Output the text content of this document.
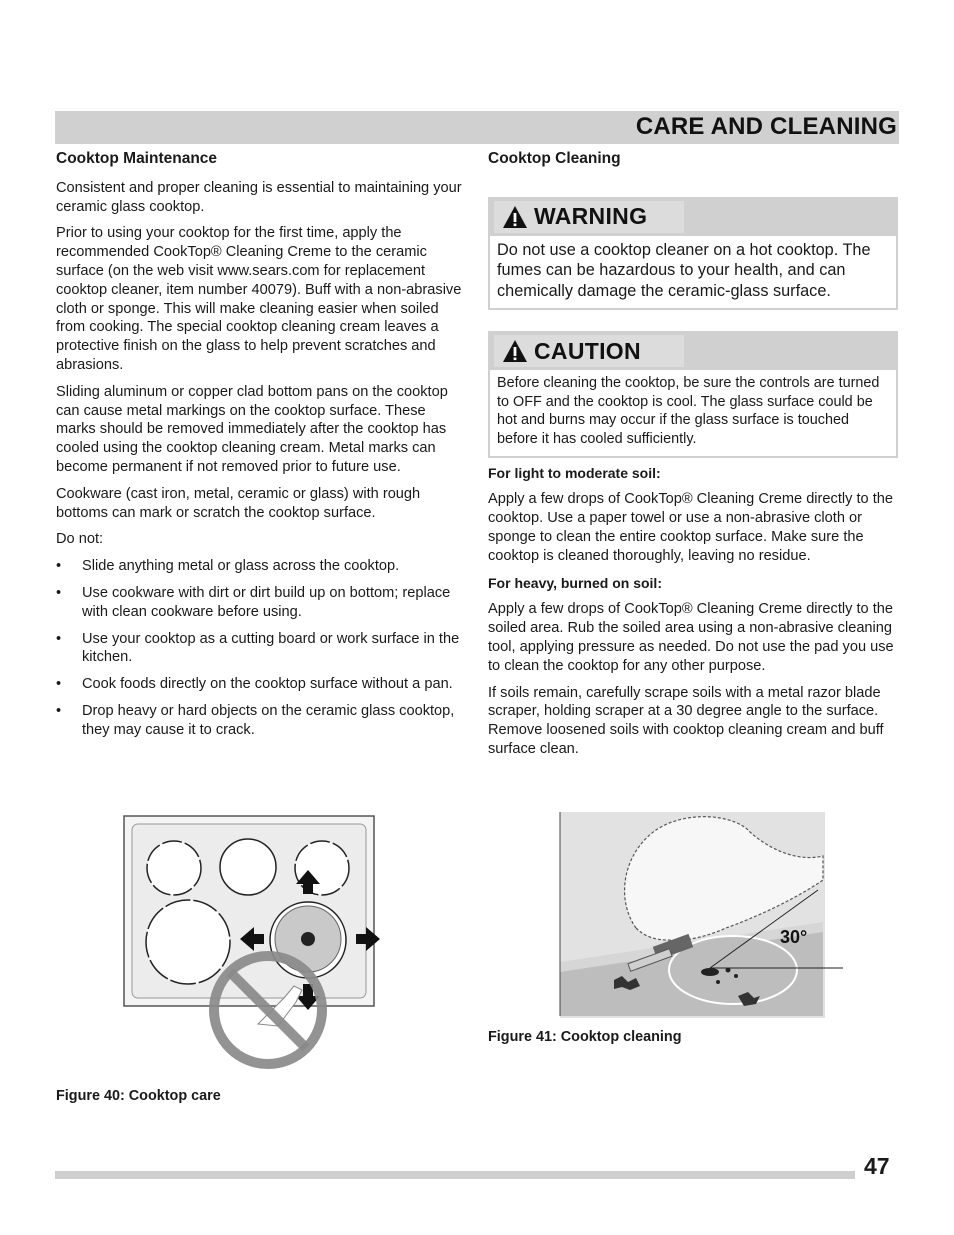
CARE AND CLEANING
Cooktop Maintenance

Consistent and proper cleaning is essential to maintaining your ceramic glass cooktop.

Prior to using your cooktop for the first time, apply the recommended CookTop® Cleaning Creme to the ceramic surface (on the web visit www.sears.com for replacement cooktop cleaner, item number 40079). Buff with a non-abrasive cloth or sponge. This will make cleaning easier when soiled from cooking. The special cooktop cleaning cream leaves a protective finish on the glass to help prevent scratches and abrasions.

Sliding aluminum or copper clad bottom pans on the cooktop can cause metal markings on the cooktop surface. These marks should be removed immediately after the cooktop has cooled using the cooktop cleaning cream. Metal marks can become permanent if not removed prior to future use.

Cookware (cast iron, metal, ceramic or glass) with rough bottoms can mark or scratch the cooktop surface.

Do not:

• Slide anything metal or glass across the cooktop.
• Use cookware with dirt or dirt build up on bottom; replace with clean cookware before using.
• Use your cooktop as a cutting board or work surface in the kitchen.
• Cook foods directly on the cooktop surface without a pan.
• Drop heavy or hard objects on the ceramic glass cooktop, they may cause it to crack.
Cooktop Cleaning
WARNING
Do not use a cooktop cleaner on a hot cooktop. The fumes can be hazardous to your health, and can chemically damage the ceramic-glass surface.
CAUTION
Before cleaning the cooktop, be sure the controls are turned to OFF and the cooktop is cool. The glass surface could be hot and burns may occur if the glass surface is touched before it has cooled sufficiently.

For light to moderate soil:

Apply a few drops of CookTop® Cleaning Creme directly to the cooktop. Use a paper towel or use a non-abrasive cloth or sponge to clean the entire cooktop surface. Make sure the cooktop is cleaned thoroughly, leaving no residue.

For heavy, burned on soil:

Apply a few drops of CookTop® Cleaning Creme directly to the soiled area. Rub the soiled area using a non-abrasive cleaning tool, applying pressure as needed. Do not use the pad you use to clean the cooktop for any other purpose.

If soils remain, carefully scrape soils with a metal razor blade scraper, holding scraper at a 30 degree angle to the surface. Remove loosened soils with cooktop cleaning cream and buff surface clean.

Figure 40: Cooktop care
30°
Figure 41: Cooktop cleaning
47
